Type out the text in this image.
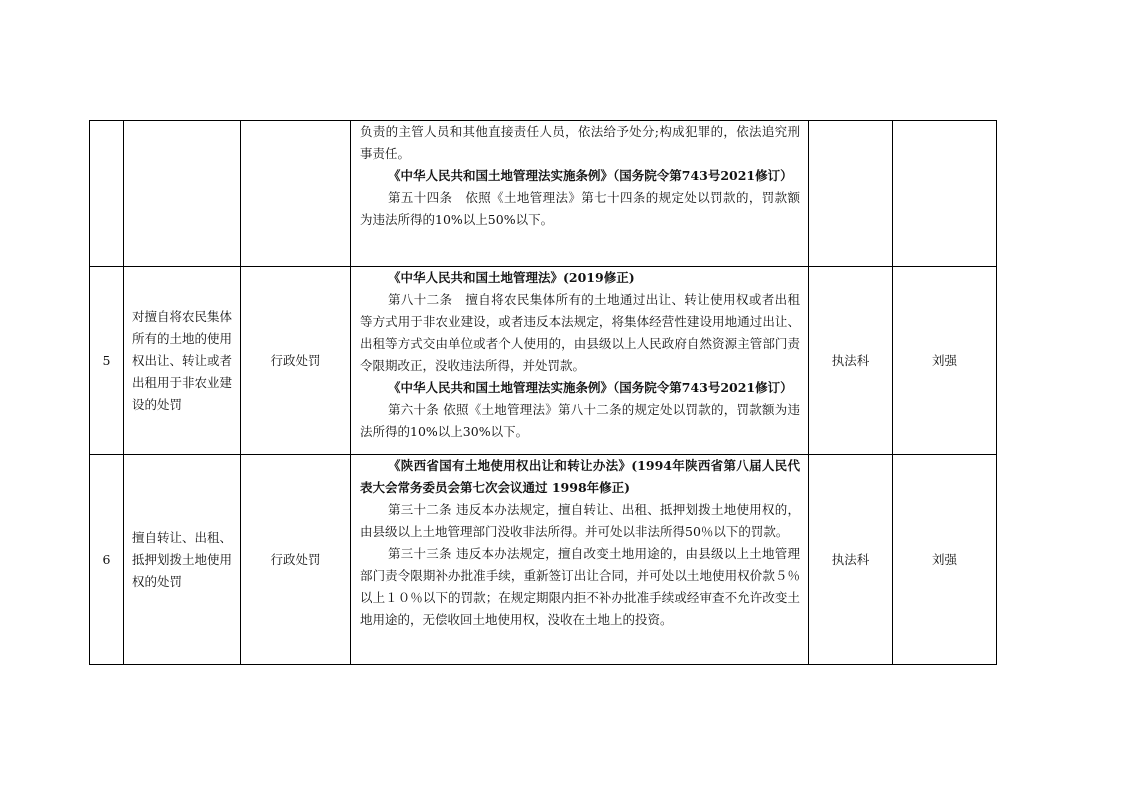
			负责的主管人员和其他直接责任人员，依法给予处分;构成犯罪的，依法追究刑事责任。

《中华人民共和国土地管理法实施条例》（国务院令第743号2021修订）

第五十四条　依照《土地管理法》第七十四条的规定处以罚款的，罚款额为违法所得的10%以上50%以下。		

5	对擅自将农民集体所有的土地的使用权出让、转让或者出租用于非农业建设的处罚	行政处罚	《中华人民共和国土地管理法》(2019修正)

第八十二条　擅自将农民集体所有的土地通过出让、转让使用权或者出租等方式用于非农业建设，或者违反本法规定，将集体经营性建设用地通过出让、出租等方式交由单位或者个人使用的，由县级以上人民政府自然资源主管部门责令限期改正，没收违法所得，并处罚款。

《中华人民共和国土地管理法实施条例》（国务院令第743号2021修订）

第六十条 依照《土地管理法》第八十二条的规定处以罚款的，罚款额为违法所得的10%以上30%以下。	执法科	刘强
6	擅自转让、出租、抵押划拨土地使用权的处罚	行政处罚	《陕西省国有土地使用权出让和转让办法》(1994年陕西省第八届人民代表大会常务委员会第七次会议通过 1998年修正)

第三十二条 违反本办法规定，擅自转让、出租、抵押划拨土地使用权的，由县级以上土地管理部门没收非法所得。并可处以非法所得50％以下的罚款。

第三十三条 违反本办法规定，擅自改变土地用途的，由县级以上土地管理部门责令限期补办批准手续，重新签订出让合同，并可处以土地使用权价款５％以上１０％以下的罚款；在规定期限内拒不补办批准手续或经审查不允许改变土地用途的，无偿收回土地使用权，没收在土地上的投资。	执法科	刘强
